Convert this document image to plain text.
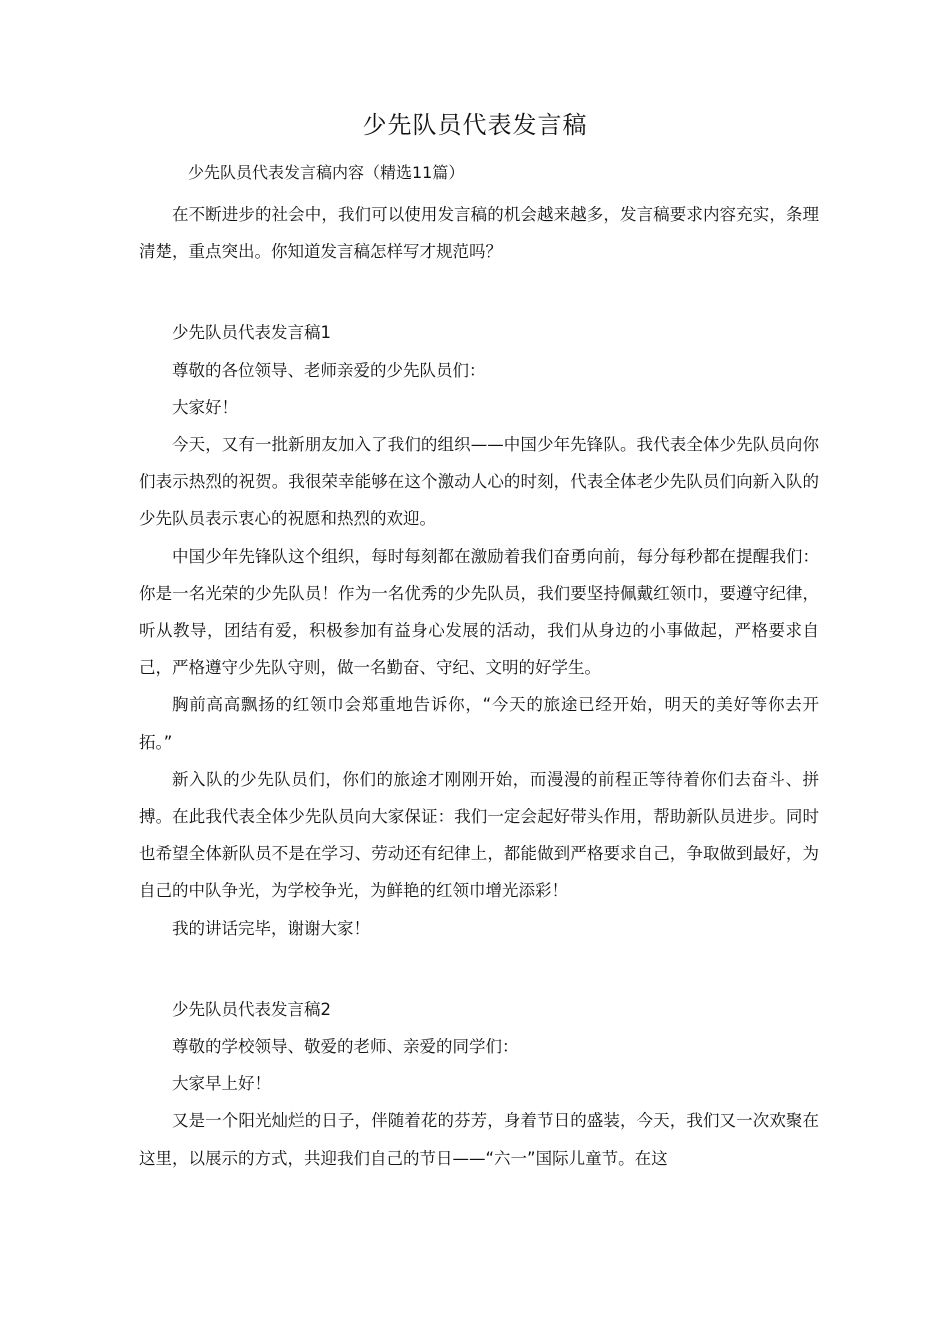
少先队员代表发言稿
少先队员代表发言稿内容（精选11篇）

在不断进步的社会中，我们可以使用发言稿的机会越来越多，发言稿要求内容充实，条理清楚，重点突出。你知道发言稿怎样写才规范吗？

少先队员代表发言稿1

尊敬的各位领导、老师亲爱的少先队员们：

大家好！

今天，又有一批新朋友加入了我们的组织——中国少年先锋队。我代表全体少先队员向你们表示热烈的祝贺。我很荣幸能够在这个激动人心的时刻，代表全体老少先队员们向新入队的少先队员表示衷心的祝愿和热烈的欢迎。

中国少年先锋队这个组织，每时每刻都在激励着我们奋勇向前，每分每秒都在提醒我们：你是一名光荣的少先队员！作为一名优秀的少先队员，我们要坚持佩戴红领巾，要遵守纪律，听从教导，团结有爱，积极参加有益身心发展的活动，我们从身边的小事做起，严格要求自己，严格遵守少先队守则，做一名勤奋、守纪、文明的好学生。

胸前高高飘扬的红领巾会郑重地告诉你，“今天的旅途已经开始，明天的美好等你去开拓。”

新入队的少先队员们，你们的旅途才刚刚开始，而漫漫的前程正等待着你们去奋斗、拼搏。在此我代表全体少先队员向大家保证：我们一定会起好带头作用，帮助新队员进步。同时也希望全体新队员不是在学习、劳动还有纪律上，都能做到严格要求自己，争取做到最好，为自己的中队争光，为学校争光，为鲜艳的红领巾增光添彩！

我的讲话完毕，谢谢大家！

少先队员代表发言稿2

尊敬的学校领导、敬爱的老师、亲爱的同学们：

大家早上好！

又是一个阳光灿烂的日子，伴随着花的芬芳，身着节日的盛装，今天，我们又一次欢聚在这里，以展示的方式，共迎我们自己的节日——“六一”国际儿童节。在这
